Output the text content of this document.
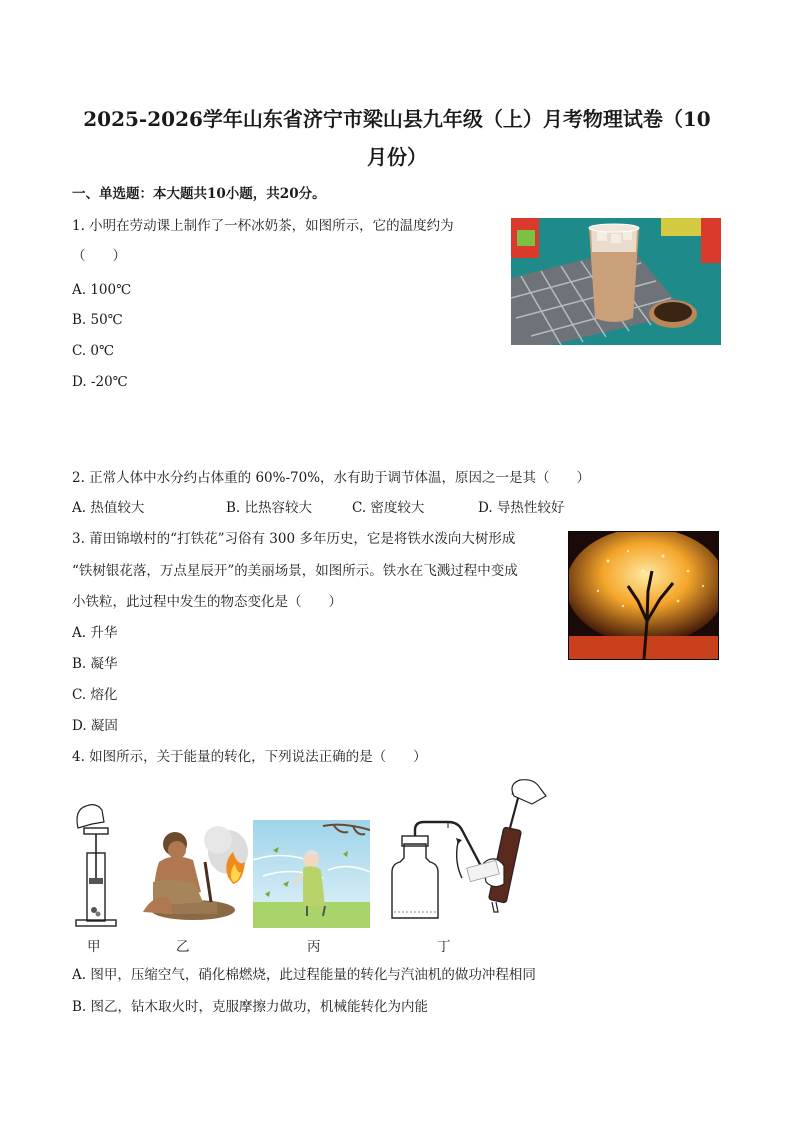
2025-2026学年山东省济宁市梁山县九年级（上）月考物理试卷（10
月份）
一、单选题：本大题共10小题，共20分。
1. 小明在劳动课上制作了一杯冰奶茶，如图所示，它的温度约为
（　　）
A. 100℃
B. 50℃
C. 0℃
D. -20℃
2. 正常人体中水分约占体重的 60%-70%，水有助于调节体温，原因之一是其（　　）
A. 热值较大	B. 比热容较大	C. 密度较大	D. 导热性较好
3. 莆田锦墩村的“打铁花”习俗有 300 多年历史，它是将铁水泼向大树形成
“铁树银花落，万点星辰开”的美丽场景，如图所示。铁水在飞溅过程中变成
小铁粒，此过程中发生的物态变化是（　　）
A. 升华
B. 凝华
C. 熔化
D. 凝固
4. 如图所示，关于能量的转化，下列说法正确的是（　　）
甲	乙	丙	丁
A. 图甲，压缩空气，硝化棉燃烧，此过程能量的转化与汽油机的做功冲程相同
B. 图乙，钻木取火时，克服摩擦力做功，机械能转化为内能
